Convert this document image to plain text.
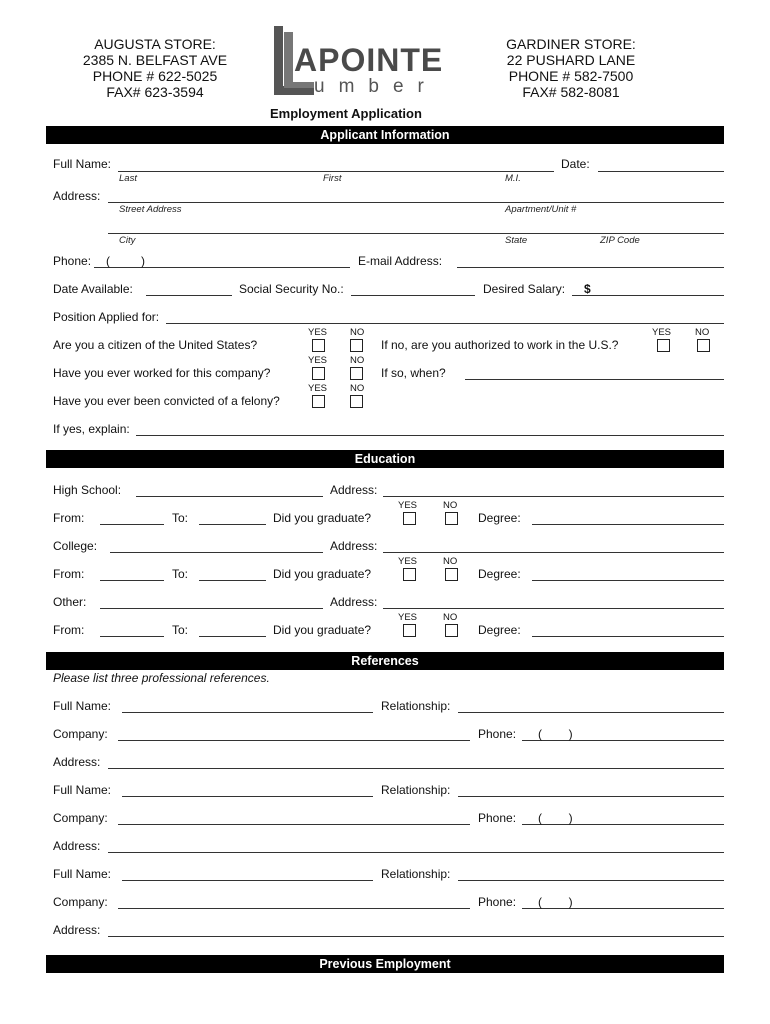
AUGUSTA STORE:
2385 N. BELFAST AVE
PHONE # 622-5025
FAX# 623-3594
GARDINER STORE:
22 PUSHARD LANE
PHONE # 582-7500
FAX# 582-8081
APOINTE
umber
Employment Application
Applicant Information
Full Name:	Date:
Last	First	M.I.
Address:
Street Address	Apartment/Unit #
City	State	ZIP Code
Phone: (	)	E-mail Address:
Date Available:	Social Security No.:	Desired Salary: $
Position Applied for:
YES NO
Are you a citizen of the United States?	If no, are you authorized to work in the U.S.?
YES	NO
YES NO
Have you ever worked for this company?	If so, when?
YES NO
Have you ever been convicted of a felony?
If yes, explain:
Education
High School:	Address:
YES	NO
From:	To:	Did you graduate?	Degree:
College:	Address:
YES	NO
From:	To:	Did you graduate?	Degree:
Other:	Address:
YES	NO
From:	To:	Did you graduate?	Degree:
References
Please list three professional references.
Full Name:	Relationship:
Company:	Phone: (        )
Address:
Full Name:	Relationship:
Company:	Phone: (        )
Address:
Full Name:	Relationship:
Company:	Phone: (        )
Address:
Previous Employment
